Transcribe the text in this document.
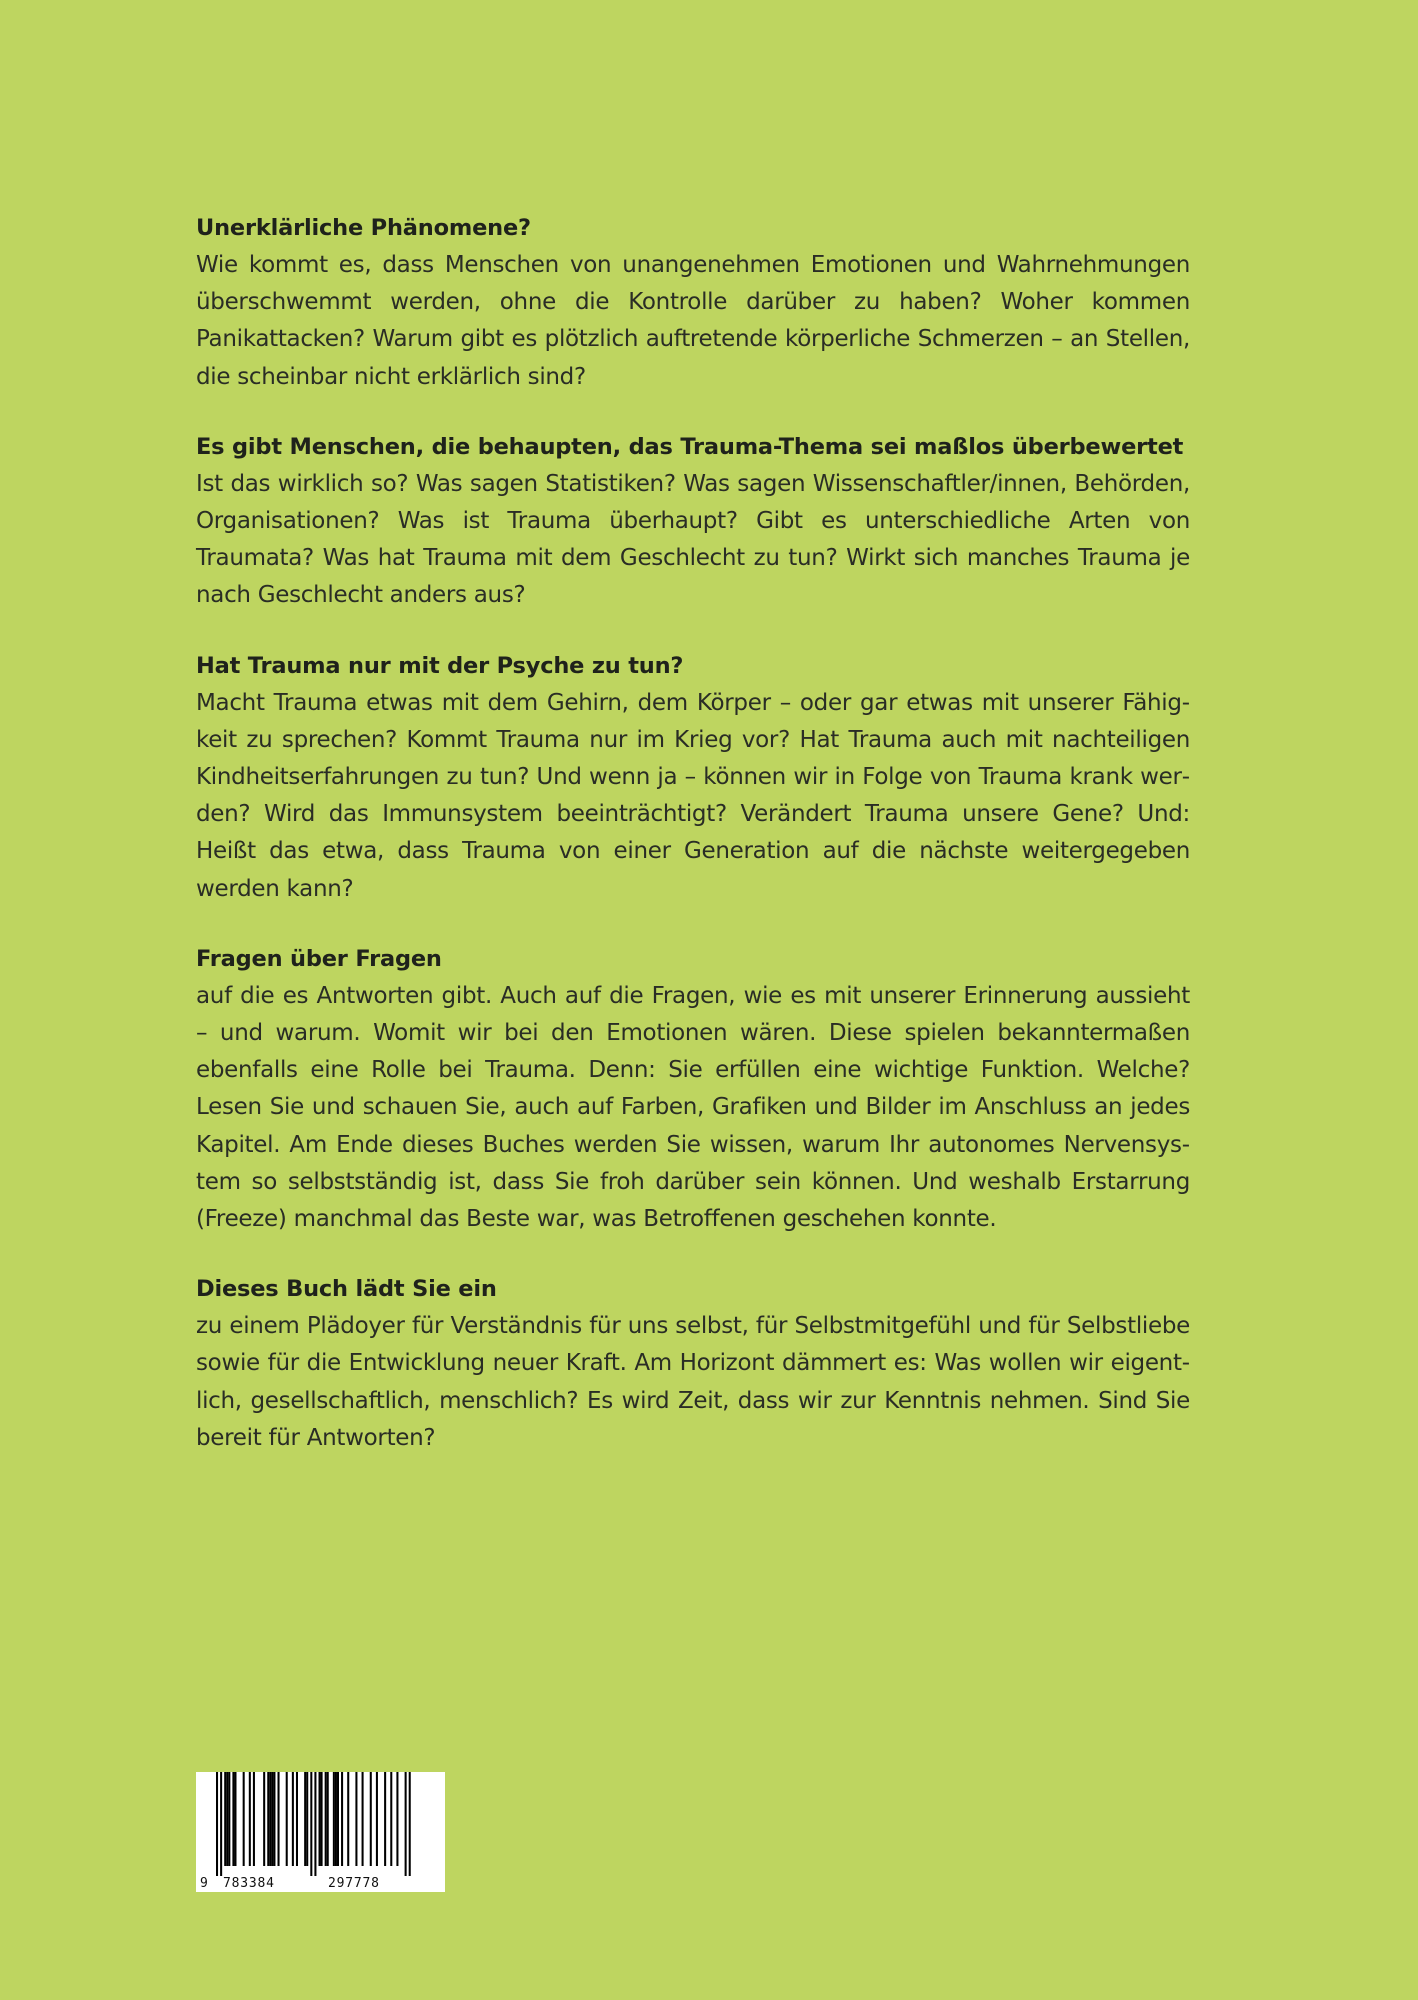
Unerklärliche Phänomene?

Wie kommt es, dass Menschen von unangenehmen Emotionen und Wahrnehmungen überschwemmt werden, ohne die Kontrolle darüber zu haben? Woher kommen Panikattacken? Warum gibt es plötzlich auftretende körperliche Schmerzen – an Stellen, die scheinbar nicht erklärlich sind?

Es gibt Menschen, die behaupten, das Trauma-Thema sei maßlos überbewertet

Ist das wirklich so? Was sagen Statistiken? Was sagen Wissenschaftler/innen, Behörden, Organisationen? Was ist Trauma überhaupt? Gibt es unterschiedliche Arten von Traumata? Was hat Trauma mit dem Geschlecht zu tun? Wirkt sich manches Trauma je nach Geschlecht anders aus?

Hat Trauma nur mit der Psyche zu tun?

Macht Trauma etwas mit dem Gehirn, dem Körper – oder gar etwas mit unserer Fähigkeit zu sprechen? Kommt Trauma nur im Krieg vor? Hat Trauma auch mit nachteiligen Kindheitserfahrungen zu tun? Und wenn ja – können wir in Folge von Trauma krank werden? Wird das Immunsystem beeinträchtigt? Verändert Trauma unsere Gene? Und: Heißt das etwa, dass Trauma von einer Generation auf die nächste weitergegeben werden kann?

Fragen über Fragen

auf die es Antworten gibt. Auch auf die Fragen, wie es mit unserer Erinnerung aussieht – und warum. Womit wir bei den Emotionen wären. Diese spielen bekanntermaßen ebenfalls eine Rolle bei Trauma. Denn: Sie erfüllen eine wichtige Funktion. Welche? Lesen Sie und schauen Sie, auch auf Farben, Grafiken und Bilder im Anschluss an jedes Kapitel. Am Ende dieses Buches werden Sie wissen, warum Ihr autonomes Nervensystem so selbstständig ist, dass Sie froh darüber sein können. Und weshalb Erstarrung (Freeze) manchmal das Beste war, was Betroffenen geschehen konnte.

Dieses Buch lädt Sie ein

zu einem Plädoyer für Verständnis für uns selbst, für Selbstmitgefühl und für Selbstliebe sowie für die Entwicklung neuer Kraft. Am Horizont dämmert es: Was wollen wir eigentlich, gesellschaftlich, menschlich? Es wird Zeit, dass wir zur Kenntnis nehmen. Sind Sie bereit für Antworten?

9 783384	297778
